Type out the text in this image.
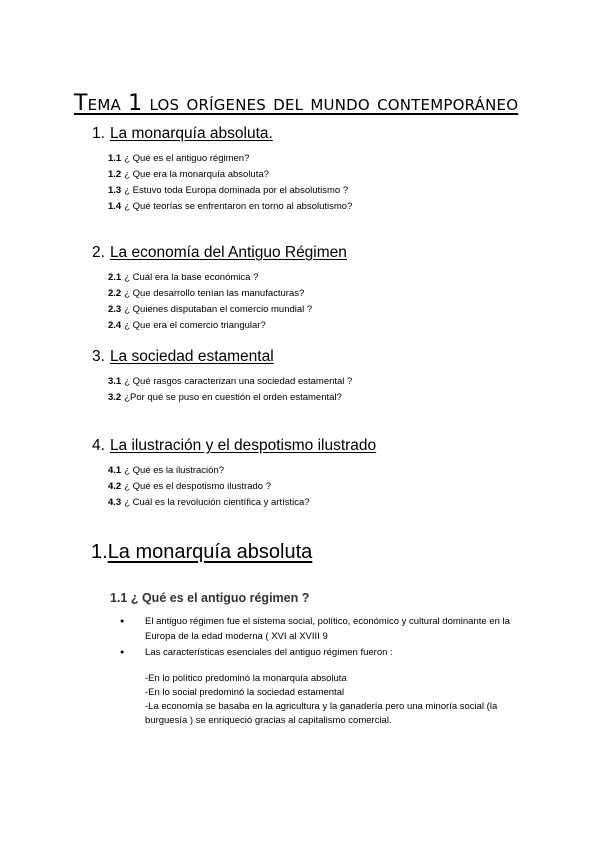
Tema 1 los orígenes del mundo contemporáneo

1. La monarquía absoluta.

1.1 ¿ Qué es el antiguo régimen?
1.2 ¿ Que era la monarquía absoluta?
1.3 ¿ Estuvo toda Europa dominada por el absolutismo ?
1.4 ¿ Qué teorías se enfrentaron en torno al absolutismo?

2. La economía del Antiguo Régimen

2.1 ¿ Cuál era la base económica ?
2.2 ¿ Que desarrollo tenían las manufacturas?
2.3 ¿ Quienes disputaban el comercio mundial ?
2.4 ¿ Que era el comercio triangular?

3. La sociedad estamental

3.1 ¿ Qué rasgos caracterizan una sociedad estamental ?
3.2 ¿Por qué se puso en cuestión el orden estamental?

4. La ilustración y el despotismo ilustrado

4.1 ¿ Qué es la ilustración?
4.2 ¿ Qué es el despotismo ilustrado ?
4.3 ¿ Cuál es la revolución científica y artística?
1.La monarquía absoluta
1.1 ¿ Qué es el antiguo régimen ?
● El antiguo régimen fue el sistema social, político, económico y cultural dominante en la Europa de la edad moderna ( XVI al XVIII 9
● Las características esenciales del antiguo régimen fueron :
-En lo político predominó la monarquía absoluta
-En lo social predominó la sociedad estamental
-La economía se basaba en la agricultura y la ganadería pero una minoría social (la burguesía ) se enriqueció gracias al capitalismo comercial.
